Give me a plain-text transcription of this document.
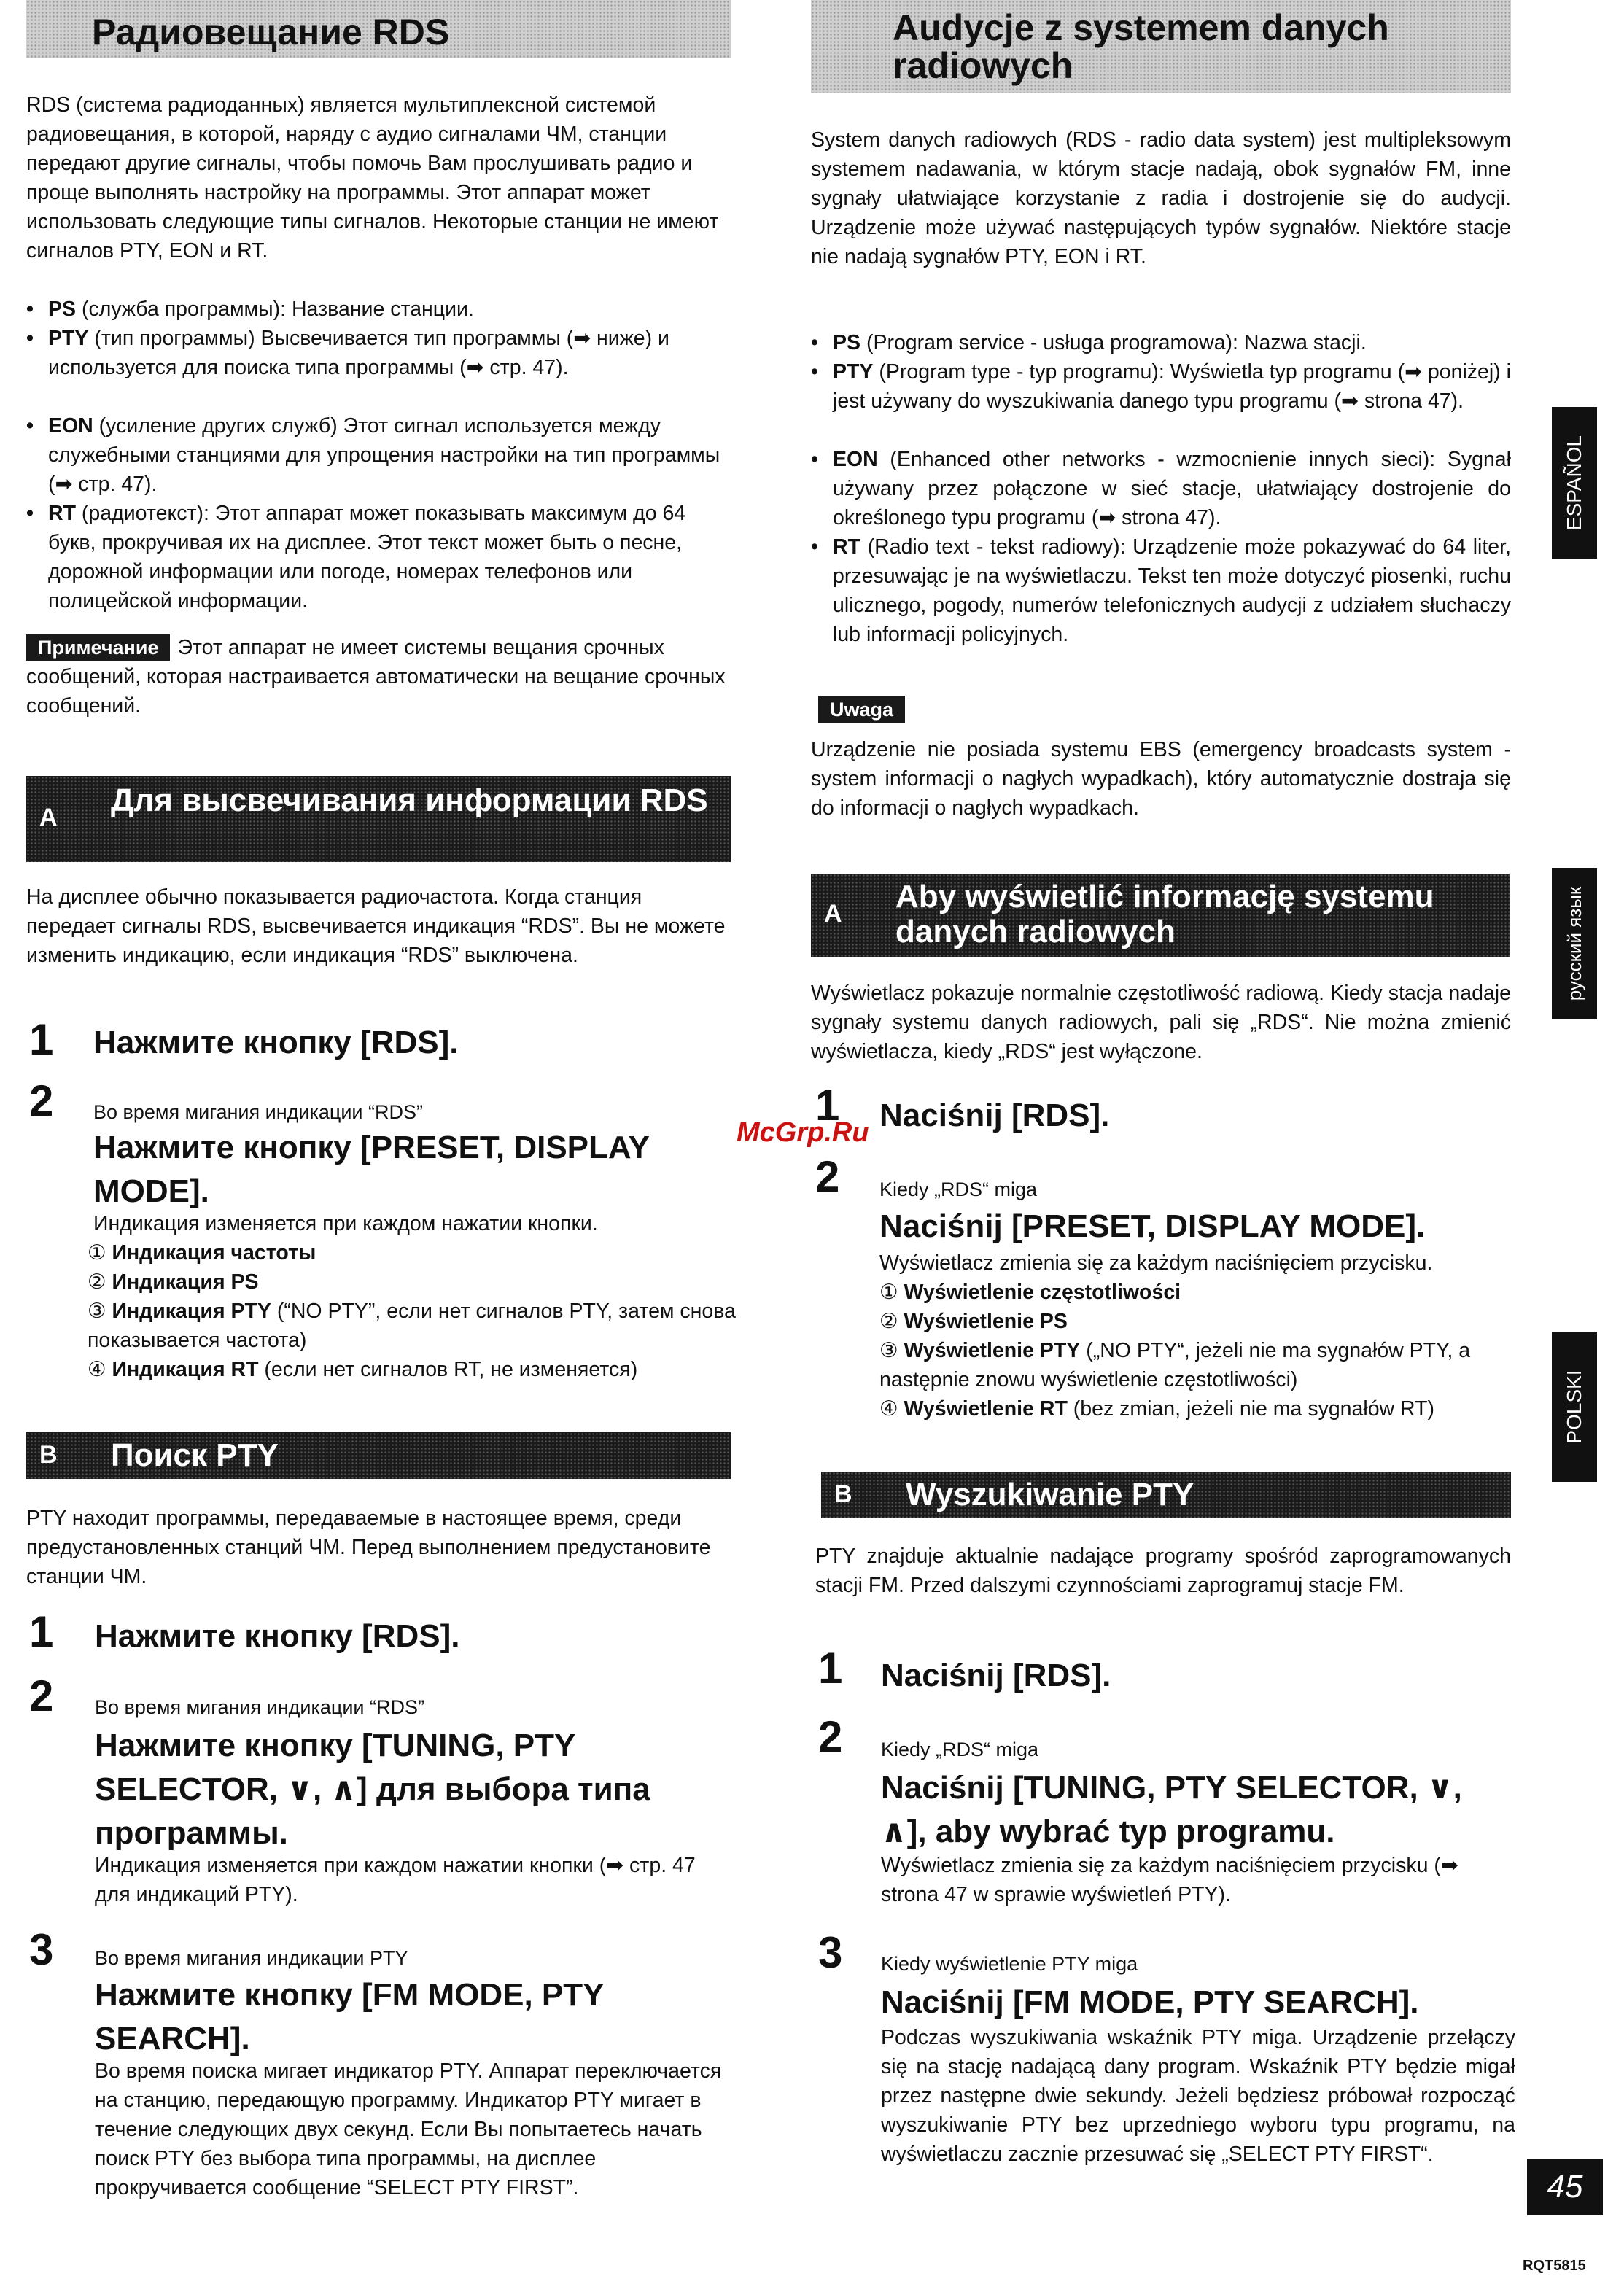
Радиовещание RDS
RDS (система радиоданных) является мультиплексной системой радиовещания, в которой, наряду с аудио сигналами ЧМ, станции передают другие сигналы, чтобы помочь Вам прослушивать радио и проще выполнять настройку на программы. Этот аппарат может использовать следующие типы сигналов. Некоторые станции не имеют сигналов PTY, EON и RT.
• PS (служба программы): Название станции.
• PTY (тип программы) Высвечивается тип программы (➡ ниже) и используется для поиска типа программы (➡ стр. 47).
• EON (усиление других служб) Этот сигнал используется между служебными станциями для упрощения настройки на тип программы (➡ стр. 47).
• RT (радиотекст): Этот аппарат может показывать максимум до 64 букв, прокручивая их на дисплее. Этот текст может быть о песне, дорожной информации или погоде, номерах телефонов или полицейской информации.
Примечание Этот аппарат не имеет системы вещания срочных сообщений, которая настраивается автоматически на вещание срочных сообщений.
A Для высвечивания информации RDS
На дисплее обычно показывается радиочастота. Когда станция передает сигналы RDS, высвечивается индикация “RDS”. Вы не можете изменить индикацию, если индикация “RDS” выключена.
1 Нажмите кнопку [RDS].
2 Во время мигания индикации “RDS”
Нажмите кнопку [PRESET, DISPLAY MODE].
Индикация изменяется при каждом нажатии кнопки.
① Индикация частоты
② Индикация PS
③ Индикация PTY (“NO PTY”, если нет сигналов PTY, затем снова показывается частота)
④ Индикация RT (если нет сигналов RT, не изменяется)
B Поиск PTY
PTY находит программы, передаваемые в настоящее время, среди предустановленных станций ЧМ. Перед выполнением предустановите станции ЧМ.
1 Нажмите кнопку [RDS].
2 Во время мигания индикации “RDS”
Нажмите кнопку [TUNING, PTY SELECTOR, ∨, ∧] для выбора типа программы.
Индикация изменяется при каждом нажатии кнопки (➡ стр. 47 для индикаций PTY).
3 Во время мигания индикации PTY
Нажмите кнопку [FM MODE, PTY SEARCH].
Во время поиска мигает индикатор PTY. Аппарат переключается на станцию, передающую программу. Индикатор PTY мигает в течение следующих двух секунд. Если Вы попытаетесь начать поиск PTY без выбора типа программы, на дисплее прокручивается сообщение “SELECT PTY FIRST”.
Audycje z systemem danych radiowych
System danych radiowych (RDS - radio data system) jest multipleksowym systemem nadawania, w którym stacje nadają, obok sygnałów FM, inne sygnały ułatwiające korzystanie z radia i dostrojenie się do audycji. Urządzenie może używać następujących typów sygnałów. Niektóre stacje nie nadają sygnałów PTY, EON i RT.
• PS (Program service - usługa programowa): Nazwa stacji.
• PTY (Program type - typ programu): Wyświetla typ programu (➡ poniżej) i jest używany do wyszukiwania danego typu programu (➡ strona 47).
• EON (Enhanced other networks - wzmocnienie innych sieci): Sygnał używany przez połączone w sieć stacje, ułatwiający dostrojenie do określonego typu programu (➡ strona 47).
• RT (Radio text - tekst radiowy): Urządzenie może pokazywać do 64 liter, przesuwając je na wyświetlaczu. Tekst ten może dotyczyć piosenki, ruchu ulicznego, pogody, numerów telefonicznych audycji z udziałem słuchaczy lub informacji policyjnych.
Uwaga
Urządzenie nie posiada systemu EBS (emergency broadcasts system - system informacji o nagłych wypadkach), który automatycznie dostraja się do informacji o nagłych wypadkach.
A Aby wyświetlić informację systemu danych radiowych
Wyświetlacz pokazuje normalnie częstotliwość radiową. Kiedy stacja nadaje sygnały systemu danych radiowych, pali się „RDS“. Nie można zmienić wyświetlacza, kiedy „RDS“ jest wyłączone.
1 Naciśnij [RDS].
2 Kiedy „RDS“ miga
Naciśnij [PRESET, DISPLAY MODE].
Wyświetlacz zmienia się za każdym naciśnięciem przycisku.
① Wyświetlenie częstotliwości
② Wyświetlenie PS
③ Wyświetlenie PTY („NO PTY“, jeżeli nie ma sygnałów PTY, a następnie znowu wyświetlenie częstotliwości)
④ Wyświetlenie RT (bez zmian, jeżeli nie ma sygnałów RT)
B Wyszukiwanie PTY
PTY znajduje aktualnie nadające programy spośród zaprogramowanych stacji FM. Przed dalszymi czynnościami zaprogramuj stacje FM.
1 Naciśnij [RDS].
2 Kiedy „RDS“ miga
Naciśnij [TUNING, PTY SELECTOR, ∨, ∧], aby wybrać typ programu.
Wyświetlacz zmienia się za każdym naciśnięciem przycisku (➡ strona 47 w sprawie wyświetleń PTY).
3 Kiedy wyświetlenie PTY miga
Naciśnij [FM MODE, PTY SEARCH].
Podczas wyszukiwania wskaźnik PTY miga. Urządzenie przełączy się na stację nadającą dany program. Wskaźnik PTY będzie migał przez następne dwie sekundy. Jeżeli będziesz próbował rozpocząć wyszukiwanie PTY bez uprzedniego wyboru typu programu, na wyświetlaczu zacznie przesuwać się „SELECT PTY FIRST“.
ESPAÑOL
русский язык
POLSKI
McGrp.Ru
45
RQT5815
